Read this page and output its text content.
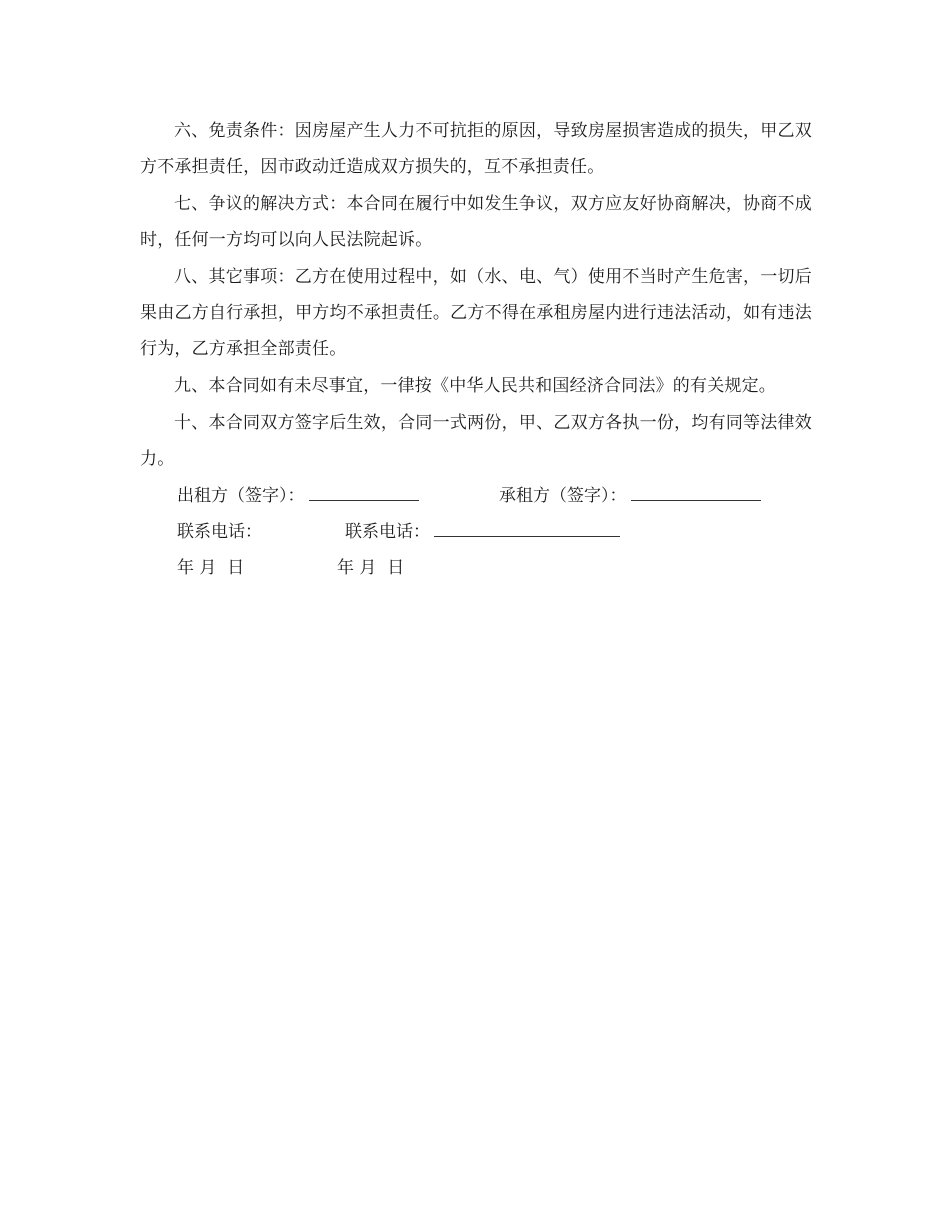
六、免责条件：因房屋产生人力不可抗拒的原因，导致房屋损害造成的损失，甲乙双方不承担责任，因市政动迁造成双方损失的，互不承担责任。

七、争议的解决方式：本合同在履行中如发生争议，双方应友好协商解决，协商不成时，任何一方均可以向人民法院起诉。

八、其它事项：乙方在使用过程中，如（水、电、气）使用不当时产生危害，一切后果由乙方自行承担，甲方均不承担责任。乙方不得在承租房屋内进行违法活动，如有违法行为，乙方承担全部责任。

九、本合同如有未尽事宜，一律按《中华人民共和国经济合同法》的有关规定。

十、本合同双方签字后生效，合同一式两份，甲、乙双方各执一份，均有同等法律效力。

出租方（签字）：	承租方（签字）：
联系电话：	联系电话：
年 月  日	年 月  日
